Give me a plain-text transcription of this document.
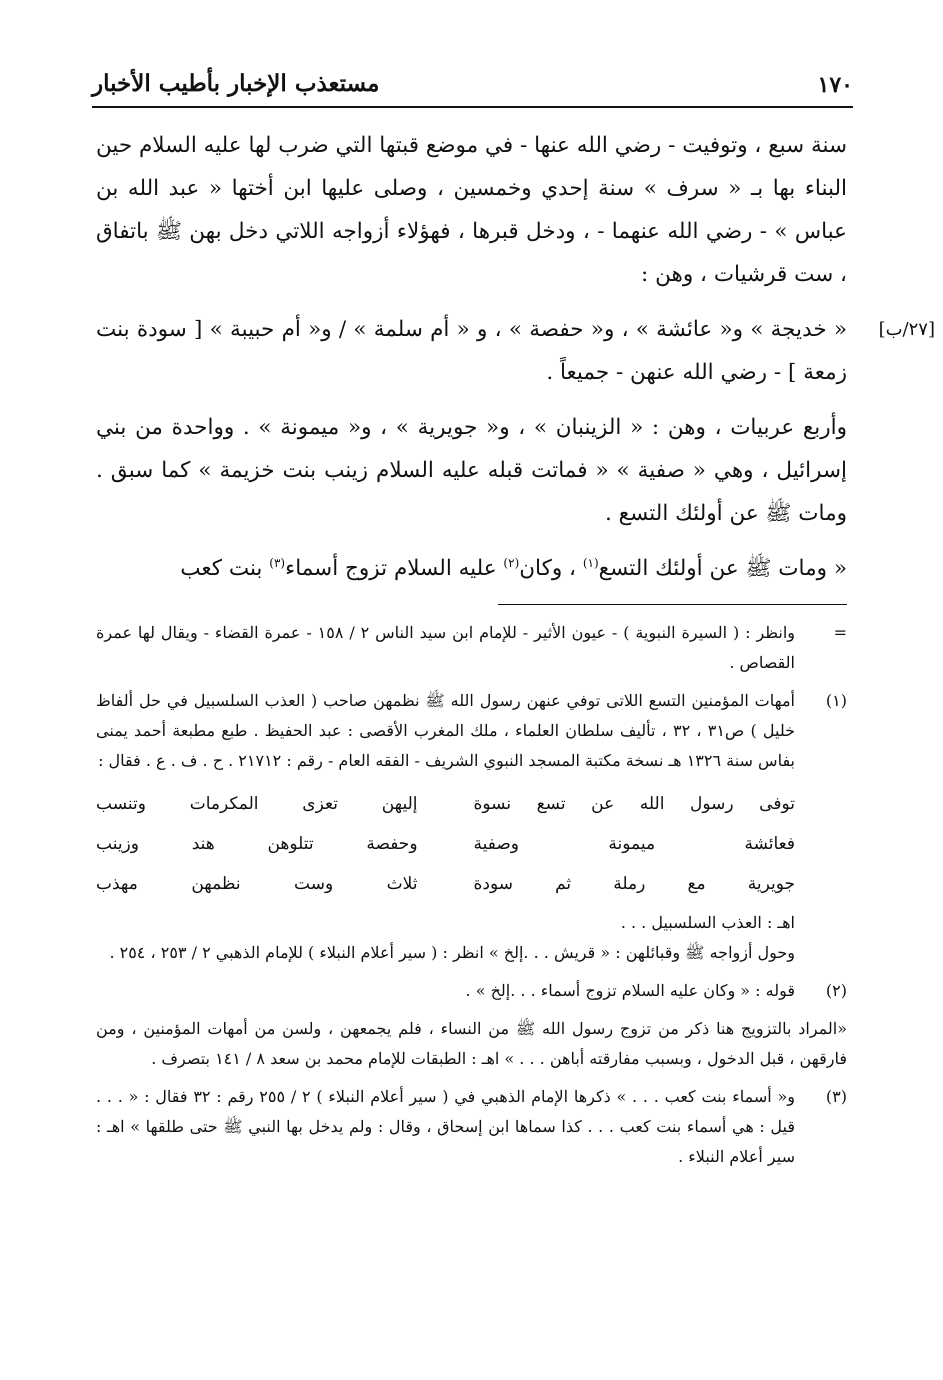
١٧٠
مستعذب الإخبار بأطيب الأخبار

سنة سبع ، وتوفيت - رضي الله عنها - في موضع قبتها التي ضرب لها عليه السلام حين البناء بها بـ « سرف » سنة إحدي وخمسين ، وصلى عليها ابن أختها « عبد الله بن عباس » - رضي الله عنهما - ، ودخل قبرها ، فهؤلاء أزواجه اللاتي دخل بهن ﷺ باتفاق ، ست قرشيات ، وهن :

[٢٧/ب]
« خديجة » و« عائشة » ، و« حفصة » ، و « أم سلمة » / و« أم حبيبة » [ سودة بنت زمعة ] - رضي الله عنهن - جميعاً .

وأربع عربيات ، وهن : « الزينبان » ، و« جويرية » ، و« ميمونة » . وواحدة من بني إسرائيل ، وهي « صفية » « فماتت قبله عليه السلام زينب بنت خزيمة » كما سبق . ومات ﷺ عن أولئك التسع .

« ومات ﷺ عن أولئك التسع$^{(١)}$ ، وكان$^{(٢)}$ عليه السلام تزوج أسماء$^{(٣)}$ بنت كعب

=

وانظر : ( السيرة النبوية ) - عيون الأثير - للإمام ابن سيد الناس ٢ / ١٥٨ - عمرة القضاء - ويقال لها عمرة القصاص .

(١)

أمهات المؤمنين التسع اللاتى توفي عنهن رسول الله ﷺ نظمهن صاحب ( العذب السلسبيل في حل ألفاظ خليل ) ص٣١ ، ٣٢ ، تأليف سلطان العلماء ، ملك المغرب الأقصى : عبد الحفيظ . طبع مطبعة أحمد يمنى بفاس سنة ١٣٢٦ هـ نسخة مكتبة المسجد النبوي الشريف - الفقه العام - رقم : ٢١٧١٢ . ح . ف . ع . فقال :

توفى رسول الله عن تسع نسوة
إليهن تعزى المكرمات وتنسب
فعائشة ميمونة وصفية
وحفصة تتلوهن هند وزينب
جويرية مع رملة ثم سودة
ثلاث وست نظمهن مهذب

اهـ : العذب السلسبيل . . .

وحول أزواجه ﷺ وقبائلهن : « قريش . . .إلخ » انظر : ( سير أعلام النبلاء ) للإمام الذهبي ٢ / ٢٥٣ ، ٢٥٤ .

(٢)

قوله : « وكان عليه السلام تزوج أسماء . . .إلخ » .

«المراد بالتزويج هنا ذكر من تزوج رسول الله ﷺ من النساء ، فلم يجمعهن ، ولسن من أمهات المؤمنين ، ومن فارقهن ، قبل الدخول ، وبسبب مفارقته أباهن . . . » اهـ : الطبقات للإمام محمد بن سعد ٨ / ١٤١ بتصرف .

(٣)

و« أسماء بنت كعب . . . » ذكرها الإمام الذهبي في ( سير أعلام النبلاء ) ٢ / ٢٥٥ رقم : ٣٢ فقال : « . . . قيل : هي أسماء بنت كعب . . . كذا سماها ابن إسحاق ، وقال : ولم يدخل بها النبي ﷺ حتى طلقها » اهـ : سير أعلام النبلاء .
